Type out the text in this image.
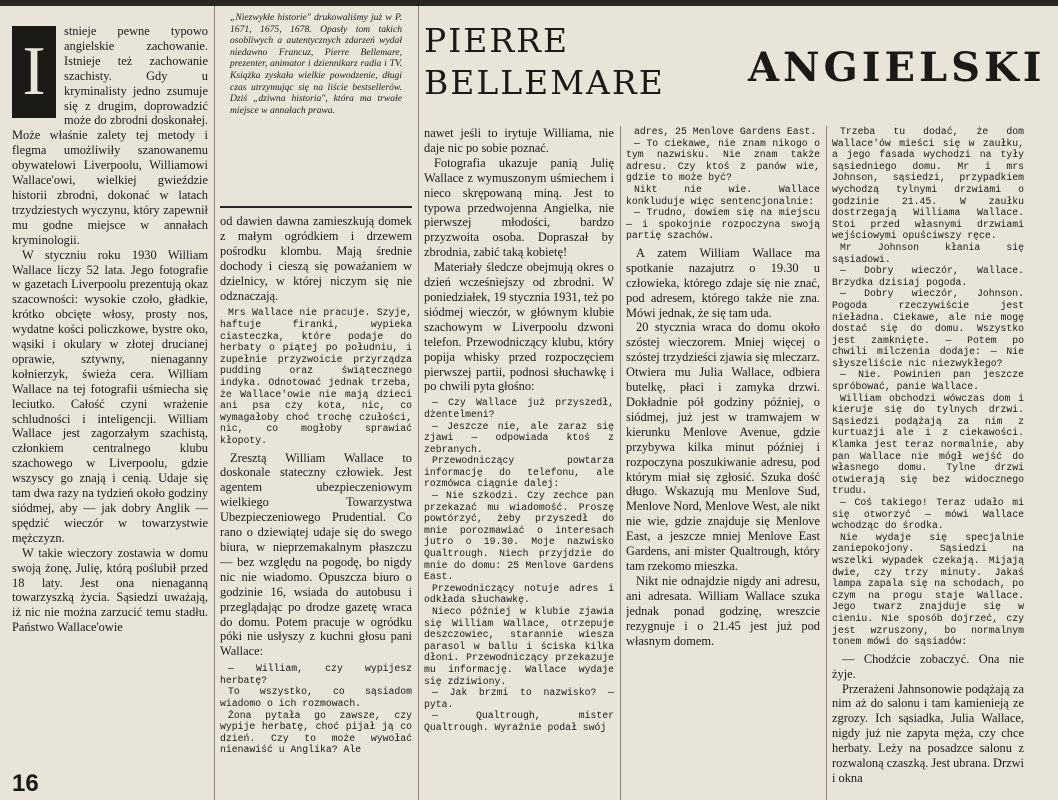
I

stnieje pewne typowo angielskie zachowanie. Istnieje też zachowanie szachisty. Gdy u kryminalisty jedno zsumuje się z drugim, doprowadzić może do zbrodni doskonałej. Może właśnie zalety tej metody i flegma umożliwiły szanowanemu obywatelowi Liverpoolu, Williamowi Wallace'owi, wielkiej gwieździe historii zbrodni, dokonać w latach trzydziestych wyczynu, który zapewnił mu godne miejsce w annałach kryminologii.

W styczniu roku 1930 William Wallace liczy 52 lata. Jego fotografie w gazetach Liverpoolu prezentują okaz szacowności: wysokie czoło, gładkie, krótko obcięte włosy, prosty nos, wydatne kości policzkowe, bystre oko, wąsiki i okulary w złotej drucianej oprawie, sztywny, nienaganny kołnierzyk, świeża cera. William Wallace na tej fotografii uśmiecha się leciutko. Całość czyni wrażenie schludności i inteligencji. William Wallace jest zagorzałym szachistą, członkiem centralnego klubu szachowego w Liverpoolu, gdzie wszyscy go znają i cenią. Udaje się tam dwa razy na tydzień około godziny siódmej, aby — jak dobry Anglik — spędzić wieczór w towarzystwie mężczyzn.

W takie wieczory zostawia w domu swoją żonę, Julię, którą poślubił przed 18 laty. Jest ona nienaganną towarzyszką życia. Sąsiedzi uważają, iż nic nie można zarzucić temu stadłu. Państwo Wallace'owie

„Niezwykłe historie" drukowaliśmy już w P. 1671, 1675, 1678. Opasły tom takich osobliwych a autentycznych zdarzeń wydał niedawno Francuz, Pierre Bellemare, prezenter, animator i dziennikarz radia i TV. Książka zyskała wielkie powodzenie, długi czas utrzymując się na liście bestsellerów. Dziś „dziwna historia", która ma trwałe miejsce w annałach prawa.

od dawien dawna zamieszkują domek z małym ogródkiem i drzewem pośrodku klombu. Mają średnie dochody i cieszą się poważaniem w dzielnicy, w której niczym się nie odznaczają.

Mrs Wallace nie pracuje. Szyje, haftuje firanki, wypieka ciasteczka, które podaje do herbaty o piątej po południu, i zupełnie przyzwoicie przyrządza pudding oraz świątecznego indyka. Odnotować jednak trzeba, że Wallace'owie nie mają dzieci ani psa czy kota, nic, co wymagałoby choć trochę czułości, nic, co mogłoby sprawiać kłopoty.

Zresztą William Wallace to doskonale stateczny człowiek. Jest agentem ubezpieczeniowym wielkiego Towarzystwa Ubezpieczeniowego Prudential. Co rano o dziewiątej udaje się do swego biura, w nieprzemakalnym płaszczu — bez względu na pogodę, bo nigdy nic nie wiadomo. Opuszcza biuro o godzinie 16, wsiada do autobusu i przeglądając po drodze gazetę wraca do domu. Potem pracuje w ogródku póki nie usłyszy z kuchni głosu pani Wallace:

— William, czy wypijesz herbatę?

To wszystko, co sąsiadom wiadomo o ich rozmowach.

Żona pytała go zawsze, czy wypije herbatę, choć pijał ją co dzień. Czy to może wywołać nienawiść u Anglika? Ale

PIERRE BELLEMARE ANGIELSKI

nawet jeśli to irytuje Williama, nie daje nic po sobie poznać.

Fotografia ukazuje panią Julię Wallace z wymuszonym uśmiechem i nieco skrępowaną miną. Jest to typowa przedwojenna Angielka, nie pierwszej młodości, bardzo przyzwoita osoba. Dopraszał by zbrodnia, zabić taką kobietę!

Materiały śledcze obejmują okres o dzień wcześniejszy od zbrodni. W poniedziałek, 19 stycznia 1931, też po siódmej wieczór, w głównym klubie szachowym w Liverpoolu dzwoni telefon. Przewodniczący klubu, który popija whisky przed rozpoczęciem pierwszej partii, podnosi słuchawkę i po chwili pyta głośno:

— Czy Wallace już przyszedł, dżentelmeni?

— Jeszcze nie, ale zaraz się zjawi — odpowiada ktoś z zebranych.

Przewodniczący powtarza informację do telefonu, ale rozmówca ciągnie dalej:

— Nie szkodzi. Czy zechce pan przekazać mu wiadomość. Proszę powtórzyć, żeby przyszedł do mnie porozmawiać o interesach jutro o 19.30. Moje nazwisko Qualtrough. Niech przyjdzie do mnie do domu: 25 Menlove Gardens East.

Przewodniczący notuje adres i odkłada słuchawkę.

Nieco później w klubie zjawia się William Wallace, otrzepuje deszczowiec, starannie wiesza parasol w ballu i ściska kilka dłoni. Przewodniczący przekazuje mu informację. Wallace wydaje się zdziwiony.

— Jak brzmi to nazwisko? — pyta.

— Qualtrough, mister Qualtrough. Wyraźnie podał swój

adres, 25 Menlove Gardens East.

— To ciekawe, nie znam nikogo o tym nazwisku. Nie znam także adresu. Czy ktoś z panów wie, gdzie to może być?

Nikt nie wie. Wallace konkluduje więc sentencjonalnie:

— Trudno, dowiem się na miejscu — i spokojnie rozpoczyna swoją partię szachów.

A zatem William Wallace ma spotkanie nazajutrz o 19.30 u człowieka, którego zdaje się nie znać, pod adresem, którego także nie zna. Mówi jednak, że się tam uda.

20 stycznia wraca do domu około szóstej wieczorem. Mniej więcej o szóstej trzydzieści zjawia się mleczarz. Otwiera mu Julia Wallace, odbiera butelkę, płaci i zamyka drzwi. Dokładnie pół godziny później, o siódmej, już jest w tramwajem w kierunku Menlove Avenue, gdzie przybywa kilka minut później i rozpoczyna poszukiwanie adresu, pod którym miał się zgłosić. Szuka dość długo. Wskazują mu Menlove Sud, Menlove Nord, Menlove West, ale nikt nie wie, gdzie znajduje się Menlove East, a jeszcze mniej Menlove East Gardens, ani mister Qualtrough, który tam rzekomo mieszka.

Nikt nie odnajdzie nigdy ani adresu, ani adresata. William Wallace szuka jednak ponad godzinę, wreszcie rezygnuje i o 21.45 jest już pod własnym domem.

Trzeba tu dodać, że dom Wallace'ów mieści się w zaułku, a jego fasada wychodzi na tyły sąsiedniego domu. Mr i mrs Johnson, sąsiedzi, przypadkiem wychodzą tylnymi drzwiami o godzinie 21.45. W zaułku dostrzegają Williama Wallace. Stoi przed własnymi drzwiami wejściowymi opuściwszy ręce.

Mr Johnson kłania się sąsiadowi.

— Dobry wieczór, Wallace. Brzydka dzisiaj pogoda.

— Dobry wieczór, Johnson. Pogoda rzeczywiście jest nieładna. Ciekawe, ale nie mogę dostać się do domu. Wszystko jest zamknięte. — Potem po chwili milczenia dodaje: — Nie słyszeliście nic niezwykłego?

— Nie. Powinien pan jeszcze spróbować, panie Wallace.

William obchodzi wówczas dom i kieruje się do tylnych drzwi. Sąsiedzi podążają za nim z kurtuazji ale i z ciekawości. Klamka jest teraz normalnie, aby pan Wallace nie mógł wejść do własnego domu. Tylne drzwi otwierają się bez widocznego trudu.

— Coś takiego! Teraz udało mi się otworzyć — mówi Wallace wchodząc do środka.

Nie wydaje się specjalnie zaniepokojony. Sąsiedzi na wszelki wypadek czekają. Mijają dwie, czy trzy minuty. Jakaś lampa zapala się na schodach, po czym na progu staje Wallace. Jego twarz znajduje się w cieniu. Nie sposób dojrzeć, czy jest wzruszony, bo normalnym tonem mówi do sąsiadów:

— Chodźcie zobaczyć. Ona nie żyje.

Przerażeni Jahnsonowie podążają za nim aż do salonu i tam kamienieją ze zgrozy. Ich sąsiadka, Julia Wallace, nigdy już nie zapyta męża, czy chce herbaty. Leży na posadzce salonu z rozwaloną czaszką. Jest ubrana. Drzwi i okna

16
